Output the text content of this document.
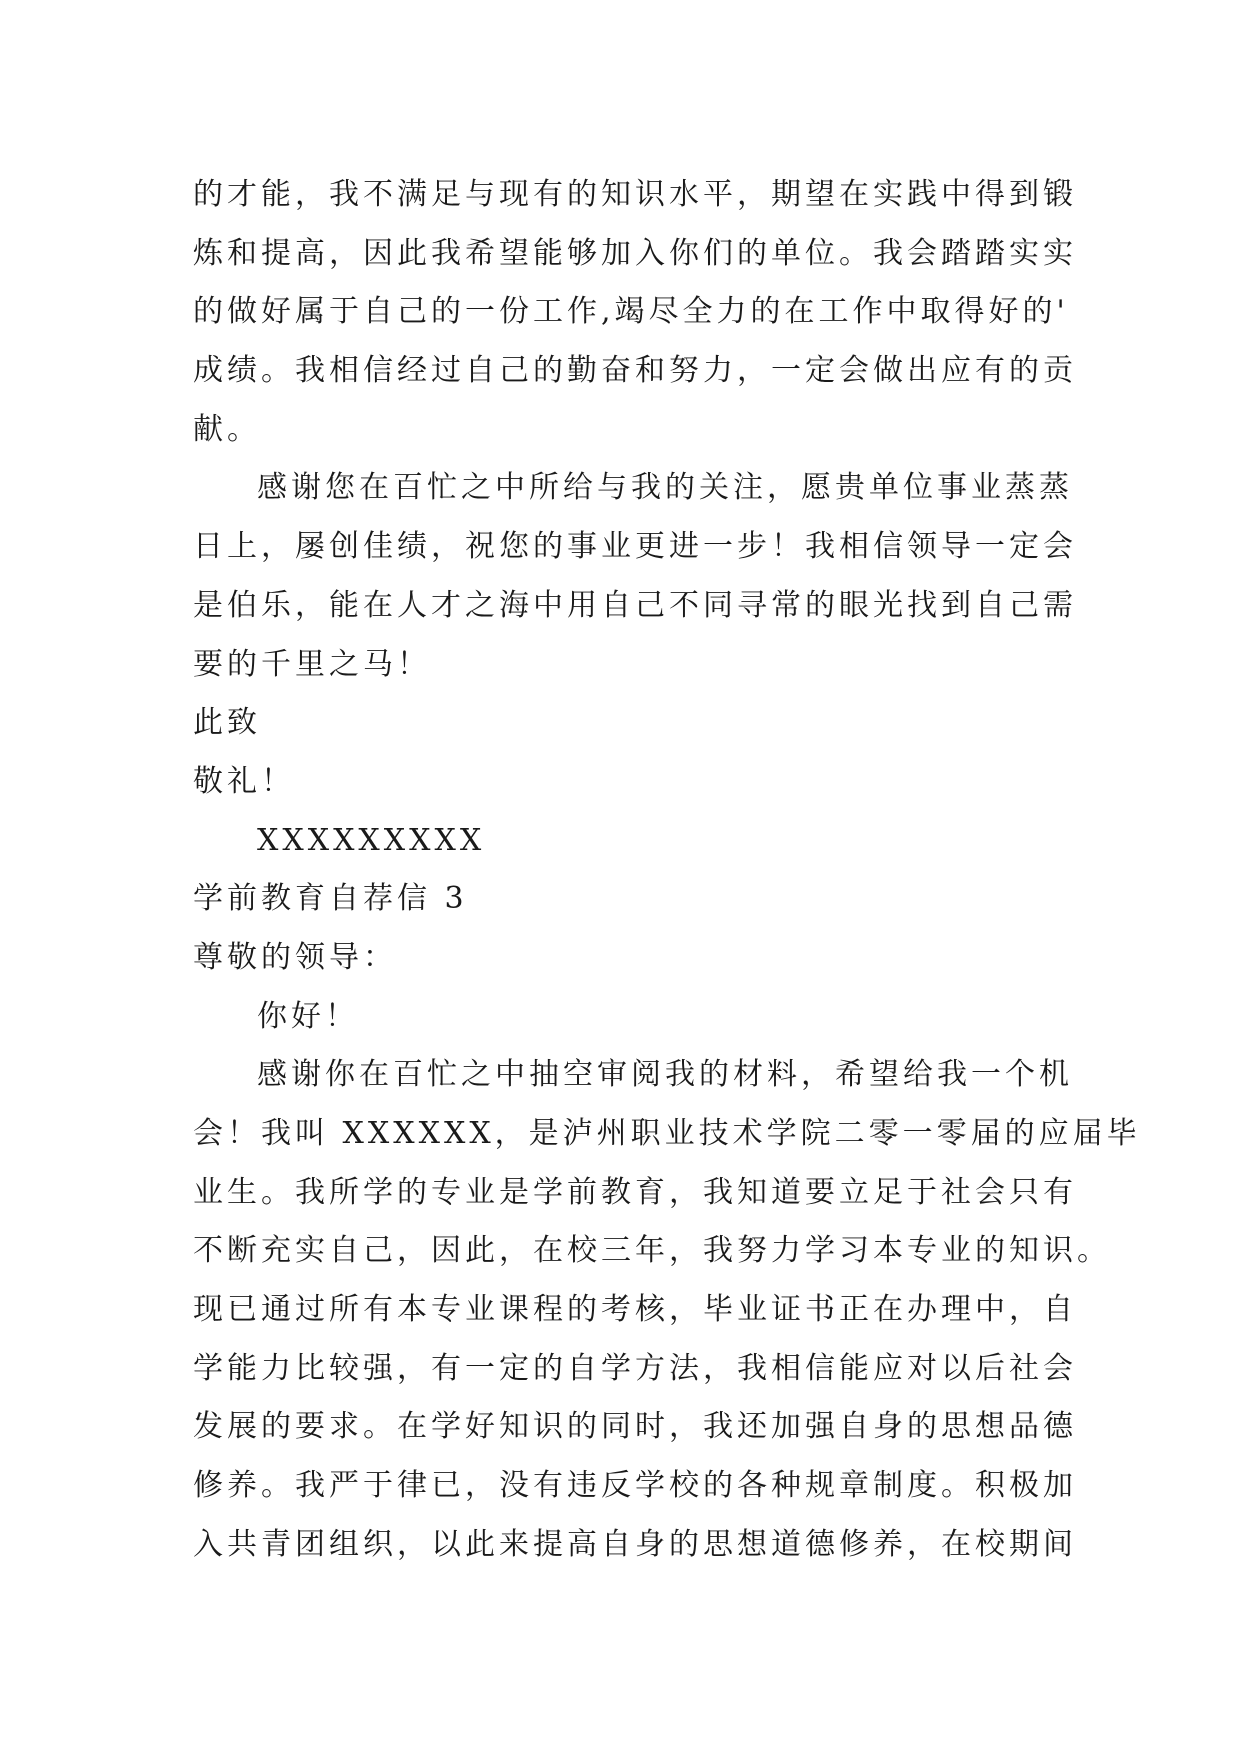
的才能，我不满足与现有的知识水平，期望在实践中得到锻
炼和提高，因此我希望能够加入你们的单位。我会踏踏实实
的做好属于自己的一份工作,竭尽全力的在工作中取得好的'
成绩。我相信经过自己的勤奋和努力，一定会做出应有的贡
献。
感谢您在百忙之中所给与我的关注，愿贵单位事业蒸蒸
日上，屡创佳绩，祝您的事业更进一步！我相信领导一定会
是伯乐，能在人才之海中用自己不同寻常的眼光找到自己需
要的千里之马！
此致
敬礼！
XXXXXXXXX
学前教育自荐信 3
尊敬的领导：
你好！
感谢你在百忙之中抽空审阅我的材料，希望给我一个机
会！我叫 XXXXXX，是泸州职业技术学院二零一零届的应届毕
业生。我所学的专业是学前教育，我知道要立足于社会只有
不断充实自己，因此，在校三年，我努力学习本专业的知识。
现已通过所有本专业课程的考核，毕业证书正在办理中，自
学能力比较强，有一定的自学方法，我相信能应对以后社会
发展的要求。在学好知识的同时，我还加强自身的思想品德
修养。我严于律已，没有违反学校的各种规章制度。积极加
入共青团组织，以此来提高自身的思想道德修养，在校期间
